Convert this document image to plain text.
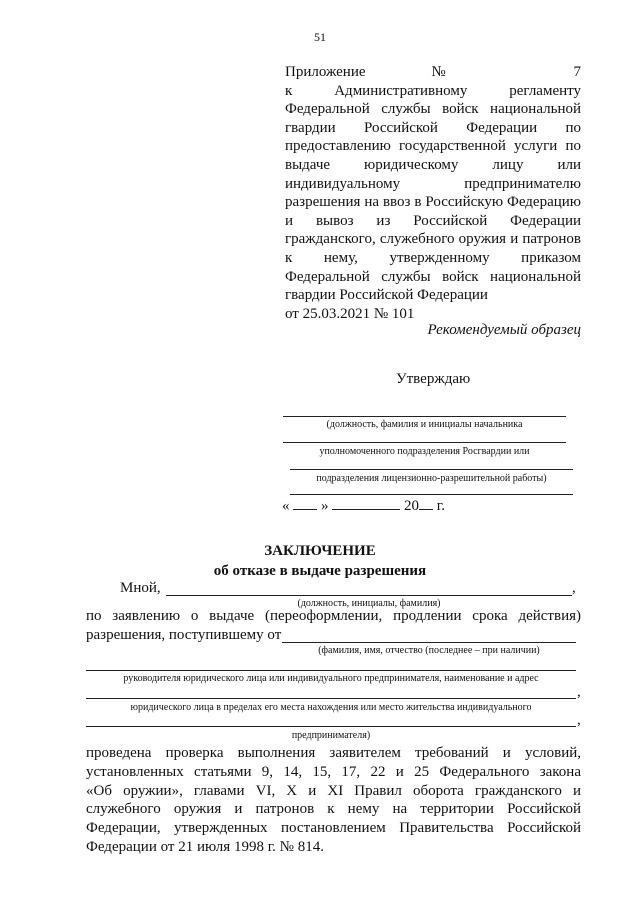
51
Приложение № 7
к Административному регламенту
Федеральной службы войск национальной
гвардии Российской Федерации по
предоставлению государственной услуги по
выдаче юридическому лицу или
индивидуальному предпринимателю
разрешения на ввоз в Российскую Федерацию
и вывоз из Российской Федерации
гражданского, служебного оружия и патронов
к нему, утвержденному приказом
Федеральной службы войск национальной
гвардии Российской Федерации
от 25.03.2021 № 101
Рекомендуемый образец
Утверждаю
(должность, фамилия и инициалы начальника
уполномоченного подразделения Росгвардии или
подразделения лицензионно-разрешительной работы)
« »	20 г.
ЗАКЛЮЧЕНИЕ
об отказе в выдаче разрешения
Мной,	,
(должность, инициалы, фамилия)
по заявлению о выдаче (переоформлении, продлении срока действия)
разрешения, поступившему от
(фамилия, имя, отчество (последнее – при наличии)
руководителя юридического лица или индивидуального предпринимателя, наименование и адрес
,
юридического лица в пределах его места нахождения или место жительства индивидуального
,
предпринимателя)
проведена проверка выполнения заявителем требований и условий,
установленных статьями 9, 14, 15, 17, 22 и 25 Федерального закона
«Об оружии», главами VI, X и XI Правил оборота гражданского и
служебного оружия и патронов к нему на территории Российской
Федерации, утвержденных постановлением Правительства Российской
Федерации от 21 июля 1998 г. № 814.
